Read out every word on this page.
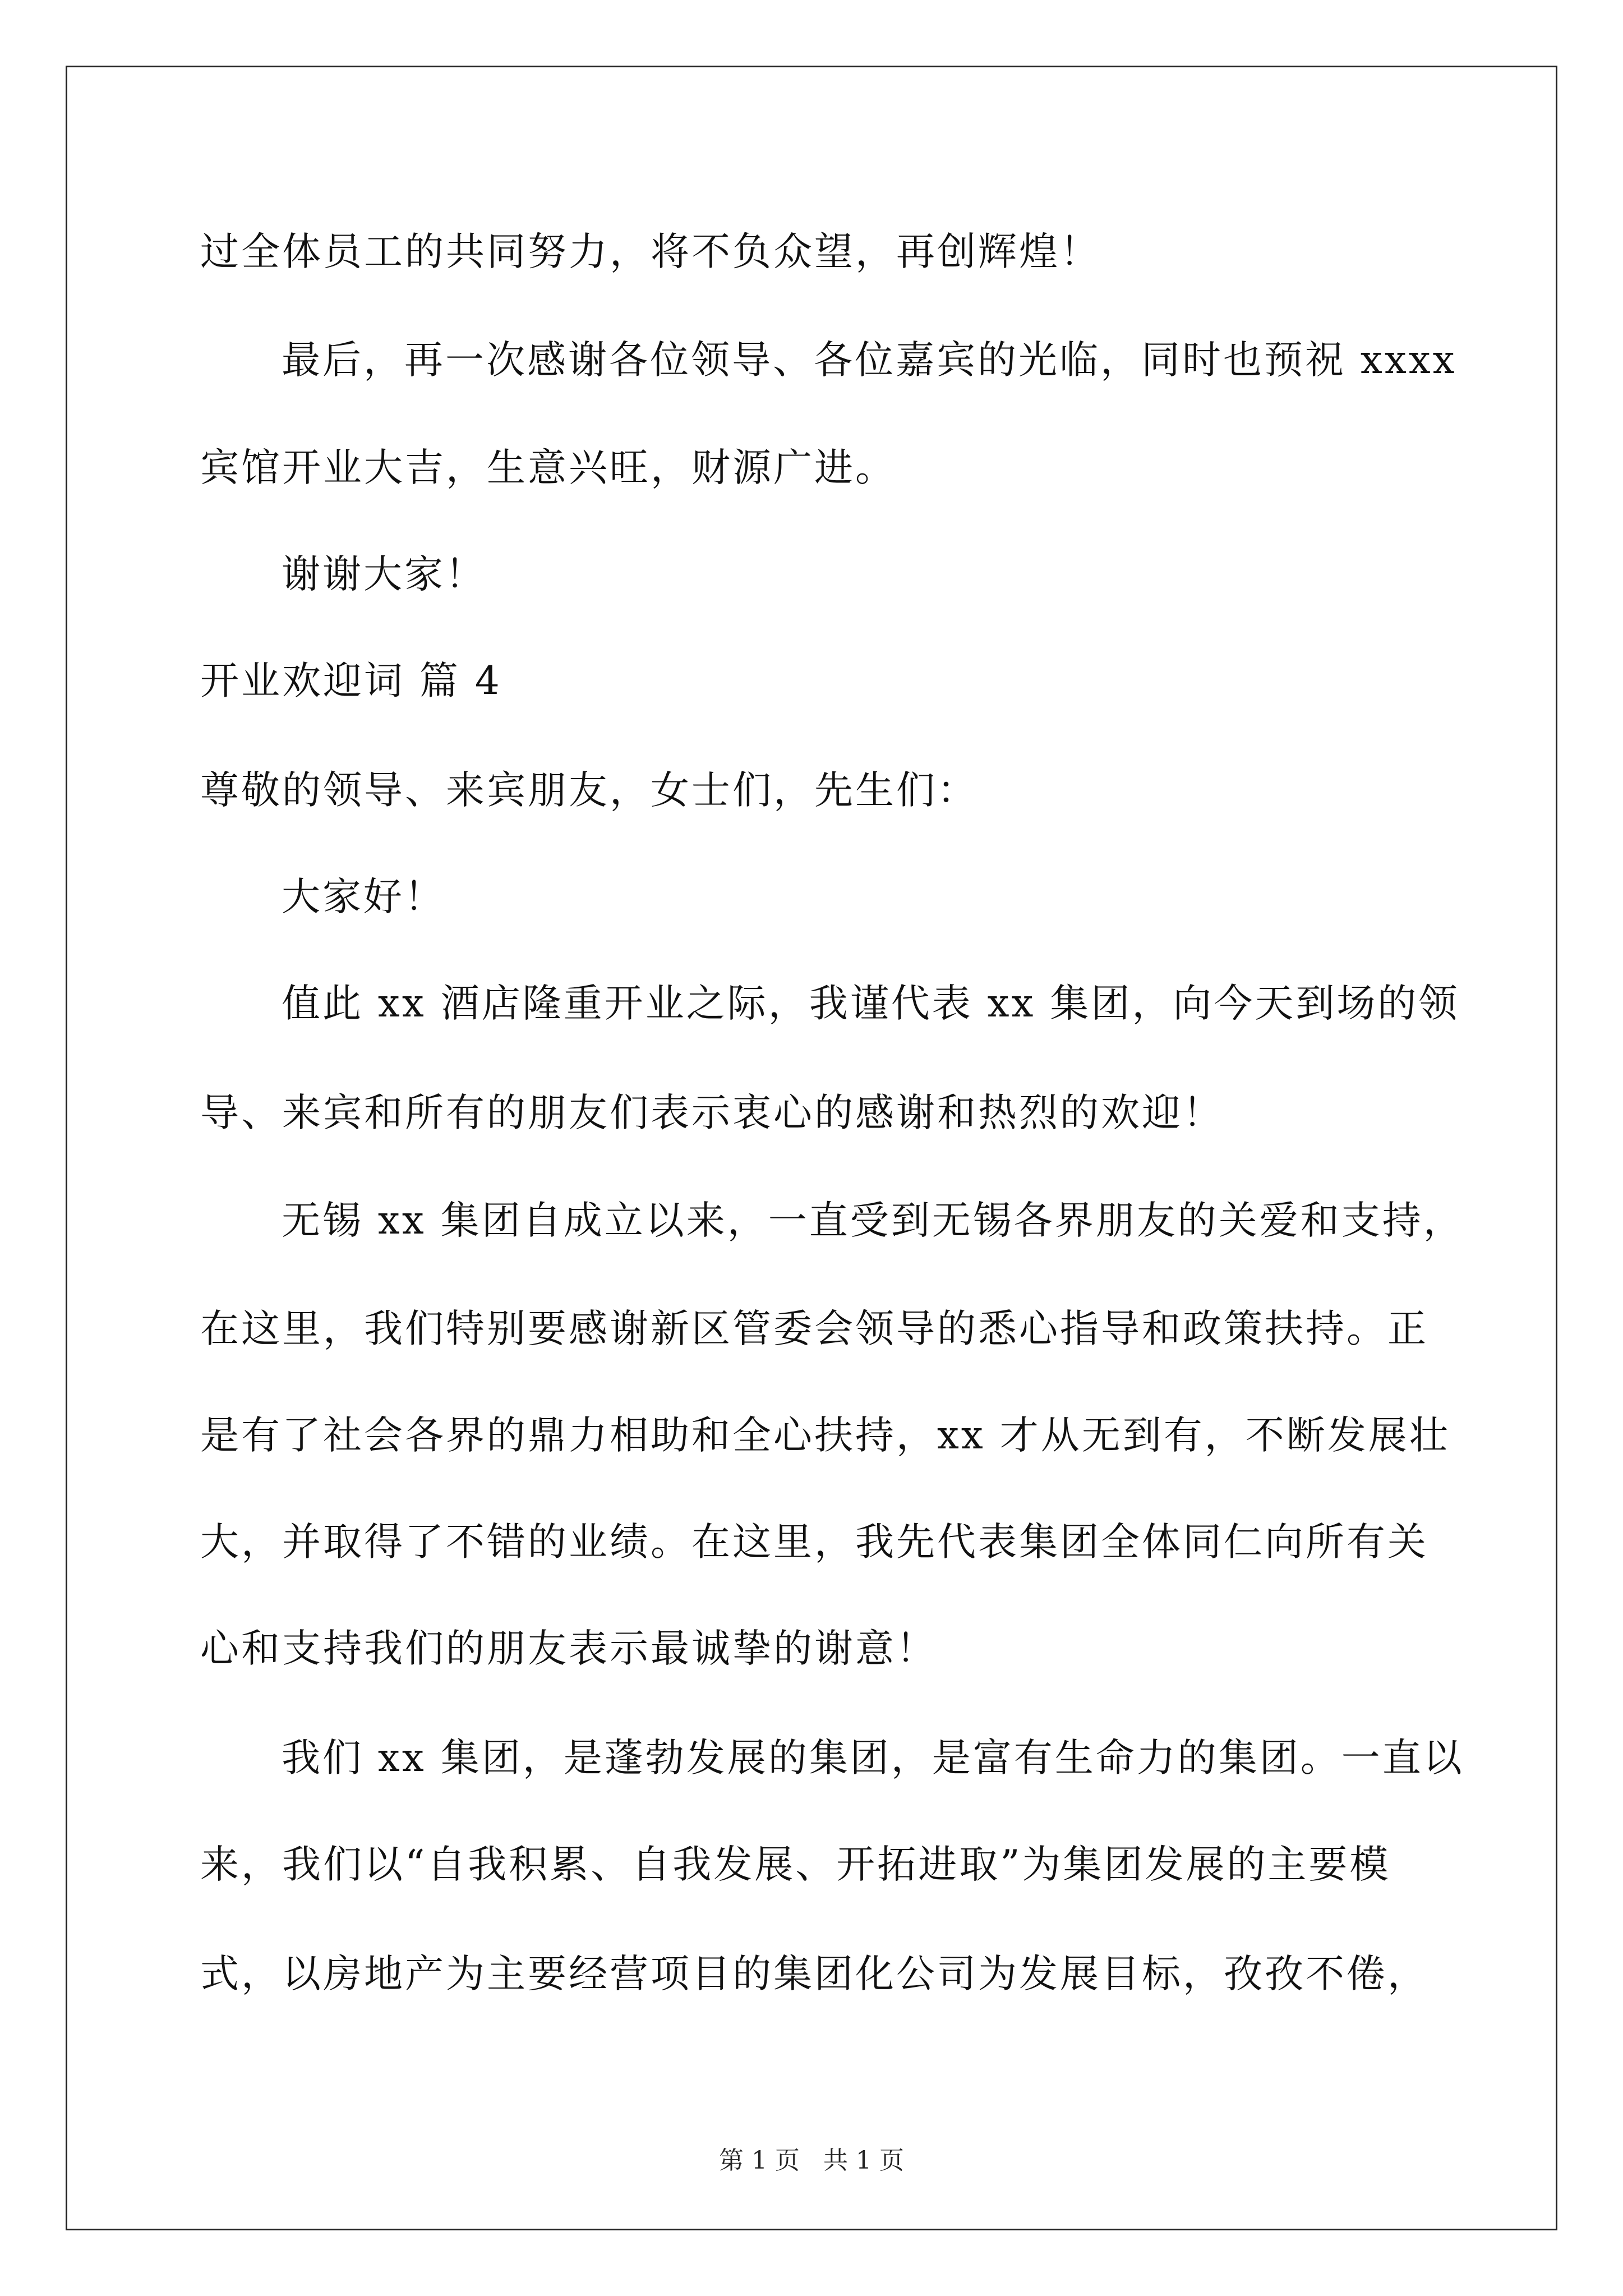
过全体员工的共同努力，将不负众望，再创辉煌！
最后，再一次感谢各位领导、各位嘉宾的光临，同时也预祝 xxxx
宾馆开业大吉，生意兴旺，财源广进。
谢谢大家！
开业欢迎词 篇 4
尊敬的领导、来宾朋友，女士们，先生们：
大家好！
值此 xx 酒店隆重开业之际，我谨代表 xx 集团，向今天到场的领
导、来宾和所有的朋友们表示衷心的感谢和热烈的欢迎！
无锡 xx 集团自成立以来，一直受到无锡各界朋友的关爱和支持，
在这里，我们特别要感谢新区管委会领导的悉心指导和政策扶持。正
是有了社会各界的鼎力相助和全心扶持，xx 才从无到有，不断发展壮
大，并取得了不错的业绩。在这里，我先代表集团全体同仁向所有关
心和支持我们的朋友表示最诚挚的谢意！
我们 xx 集团，是蓬勃发展的集团，是富有生命力的集团。一直以
来，我们以“自我积累、自我发展、开拓进取”为集团发展的主要模
式，以房地产为主要经营项目的集团化公司为发展目标，孜孜不倦，
第 1 页   共 1 页
